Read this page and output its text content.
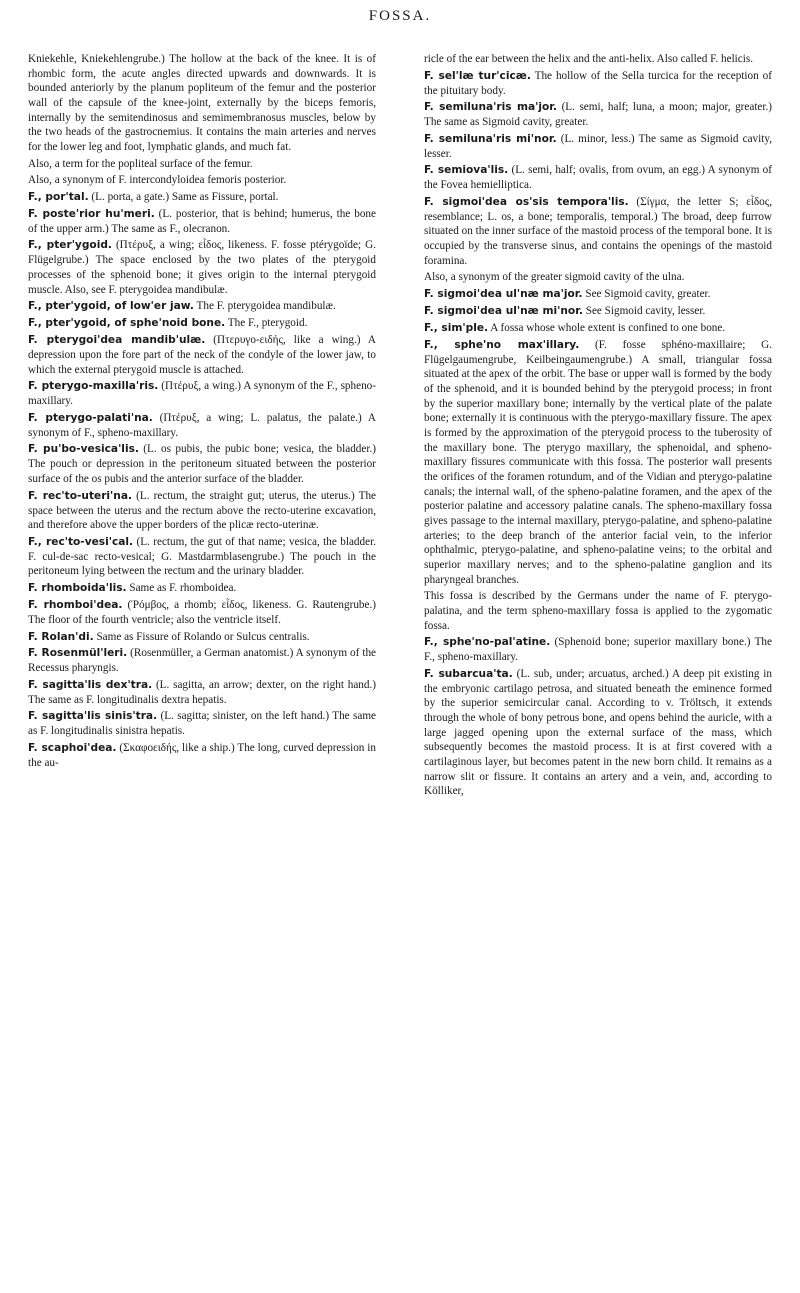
FOSSA.

Kniekehle, Kniekehlengrube.) The hollow at the back of the knee. It is of rhombic form, the acute angles directed upwards and downwards. It is bounded anteriorly by the planum popliteum of the femur and the posterior wall of the capsule of the knee-joint, externally by the biceps femoris, internally by the semitendinosus and semimembranosus muscles, below by the two heads of the gastrocnemius. It contains the main arteries and nerves for the lower leg and foot, lymphatic glands, and much fat.

Also, a term for the popliteal surface of the femur.

Also, a synonym of F. intercondyloidea femoris posterior.

F., por'tal. (L. porta, a gate.) Same as Fissure, portal.

F. poste'rior hu'meri. (L. posterior, that is behind; humerus, the bone of the upper arm.) The same as F., olecranon.

F., pter'ygoid. (Πτέρυξ, a wing; εἶδος, likeness. F. fosse ptérygoïde; G. Flügelgrube.) The space enclosed by the two plates of the pterygoid processes of the sphenoid bone; it gives origin to the internal pterygoid muscle. Also, see F. pterygoidea mandibulæ.

F., pter'ygoid, of low'er jaw. The F. pterygoidea mandibulæ.

F., pter'ygoid, of sphe'noid bone. The F., pterygoid.

F. pterygoi'dea mandib'ulæ. (Πτερυγο-ειδής, like a wing.) A depression upon the fore part of the neck of the condyle of the lower jaw, to which the external pterygoid muscle is attached.

F. pterygo-maxilla'ris. (Πτέρυξ, a wing.) A synonym of the F., spheno-maxillary.

F. pterygo-palati'na. (Πτέρυξ, a wing; L. palatus, the palate.) A synonym of F., spheno-maxillary.

F. pu'bo-vesica'lis. (L. os pubis, the pubic bone; vesica, the bladder.) The pouch or depression in the peritoneum situated between the posterior surface of the os pubis and the anterior surface of the bladder.

F. rec'to-uteri'na. (L. rectum, the straight gut; uterus, the uterus.) The space between the uterus and the rectum above the recto-uterine excavation, and therefore above the upper borders of the plicæ recto-uterinæ.

F., rec'to-vesi'cal. (L. rectum, the gut of that name; vesica, the bladder. F. cul-de-sac recto-vesical; G. Mastdarmblasengrube.) The pouch in the peritoneum lying between the rectum and the urinary bladder.

F. rhomboida'lis. Same as F. rhomboidea.

F. rhomboi'dea. (Ῥόμβος, a rhomb; εἶδος, likeness. G. Rautengrube.) The floor of the fourth ventricle; also the ventricle itself.

F. Rolan'di. Same as Fissure of Rolando or Sulcus centralis.

F. Rosenmül'leri. (Rosenmüller, a German anatomist.) A synonym of the Recessus pharyngis.

F. sagitta'lis dex'tra. (L. sagitta, an arrow; dexter, on the right hand.) The same as F. longitudinalis dextra hepatis.

F. sagitta'lis sinis'tra. (L. sagitta; sinister, on the left hand.) The same as F. longitudinalis sinistra hepatis.

F. scaphoi'dea. (Σκαφοειδής, like a ship.) The long, curved depression in the au-

ricle of the ear between the helix and the anti-helix. Also called F. helicis.

F. sel'læ tur'cicæ. The hollow of the Sella turcica for the reception of the pituitary body.

F. semiluna'ris ma'jor. (L. semi, half; luna, a moon; major, greater.) The same as Sigmoid cavity, greater.

F. semiluna'ris mi'nor. (L. minor, less.) The same as Sigmoid cavity, lesser.

F. semiova'lis. (L. semi, half; ovalis, from ovum, an egg.) A synonym of the Fovea hemielliptica.

F. sigmoi'dea os'sis tempora'lis. (Σίγμα, the letter S; εἶδος, resemblance; L. os, a bone; temporalis, temporal.) The broad, deep furrow situated on the inner surface of the mastoid process of the temporal bone. It is occupied by the transverse sinus, and contains the openings of the mastoid foramina.

Also, a synonym of the greater sigmoid cavity of the ulna.

F. sigmoi'dea ul'næ ma'jor. See Sigmoid cavity, greater.

F. sigmoi'dea ul'næ mi'nor. See Sigmoid cavity, lesser.

F., sim'ple. A fossa whose whole extent is confined to one bone.

F., sphe'no max'illary. (F. fosse sphéno-maxillaire; G. Flügelgaumengrube, Keilbeingaumengrube.) A small, triangular fossa situated at the apex of the orbit. The base or upper wall is formed by the body of the sphenoid, and it is bounded behind by the pterygoid process; in front by the superior maxillary bone; internally by the vertical plate of the palate bone; externally it is continuous with the pterygo-maxillary fissure. The apex is formed by the approximation of the pterygoid process to the tuberosity of the maxillary bone. The pterygo maxillary, the sphenoidal, and spheno-maxillary fissures communicate with this fossa. The posterior wall presents the orifices of the foramen rotundum, and of the Vidian and pterygo-palatine canals; the internal wall, of the spheno-palatine foramen, and the apex of the posterior palatine and accessory palatine canals. The spheno-maxillary fossa gives passage to the internal maxillary, pterygo-palatine, and spheno-palatine arteries; to the deep branch of the anterior facial vein, to the inferior ophthalmic, pterygo-palatine, and spheno-palatine veins; to the orbital and superior maxillary nerves; and to the spheno-palatine ganglion and its pharyngeal branches.

This fossa is described by the Germans under the name of F. pterygo-palatina, and the term spheno-maxillary fossa is applied to the zygomatic fossa.

F., sphe'no-pal'atine. (Sphenoid bone; superior maxillary bone.) The F., spheno-maxillary.

F. subarcua'ta. (L. sub, under; arcuatus, arched.) A deep pit existing in the embryonic cartilago petrosa, and situated beneath the eminence formed by the superior semicircular canal. According to v. Tröltsch, it extends through the whole of bony petrous bone, and opens behind the auricle, with a large jagged opening upon the external surface of the mass, which subsequently becomes the mastoid process. It is at first covered with a cartilaginous layer, but becomes patent in the new born child. It remains as a narrow slit or fissure. It contains an artery and a vein, and, according to Kölliker,
